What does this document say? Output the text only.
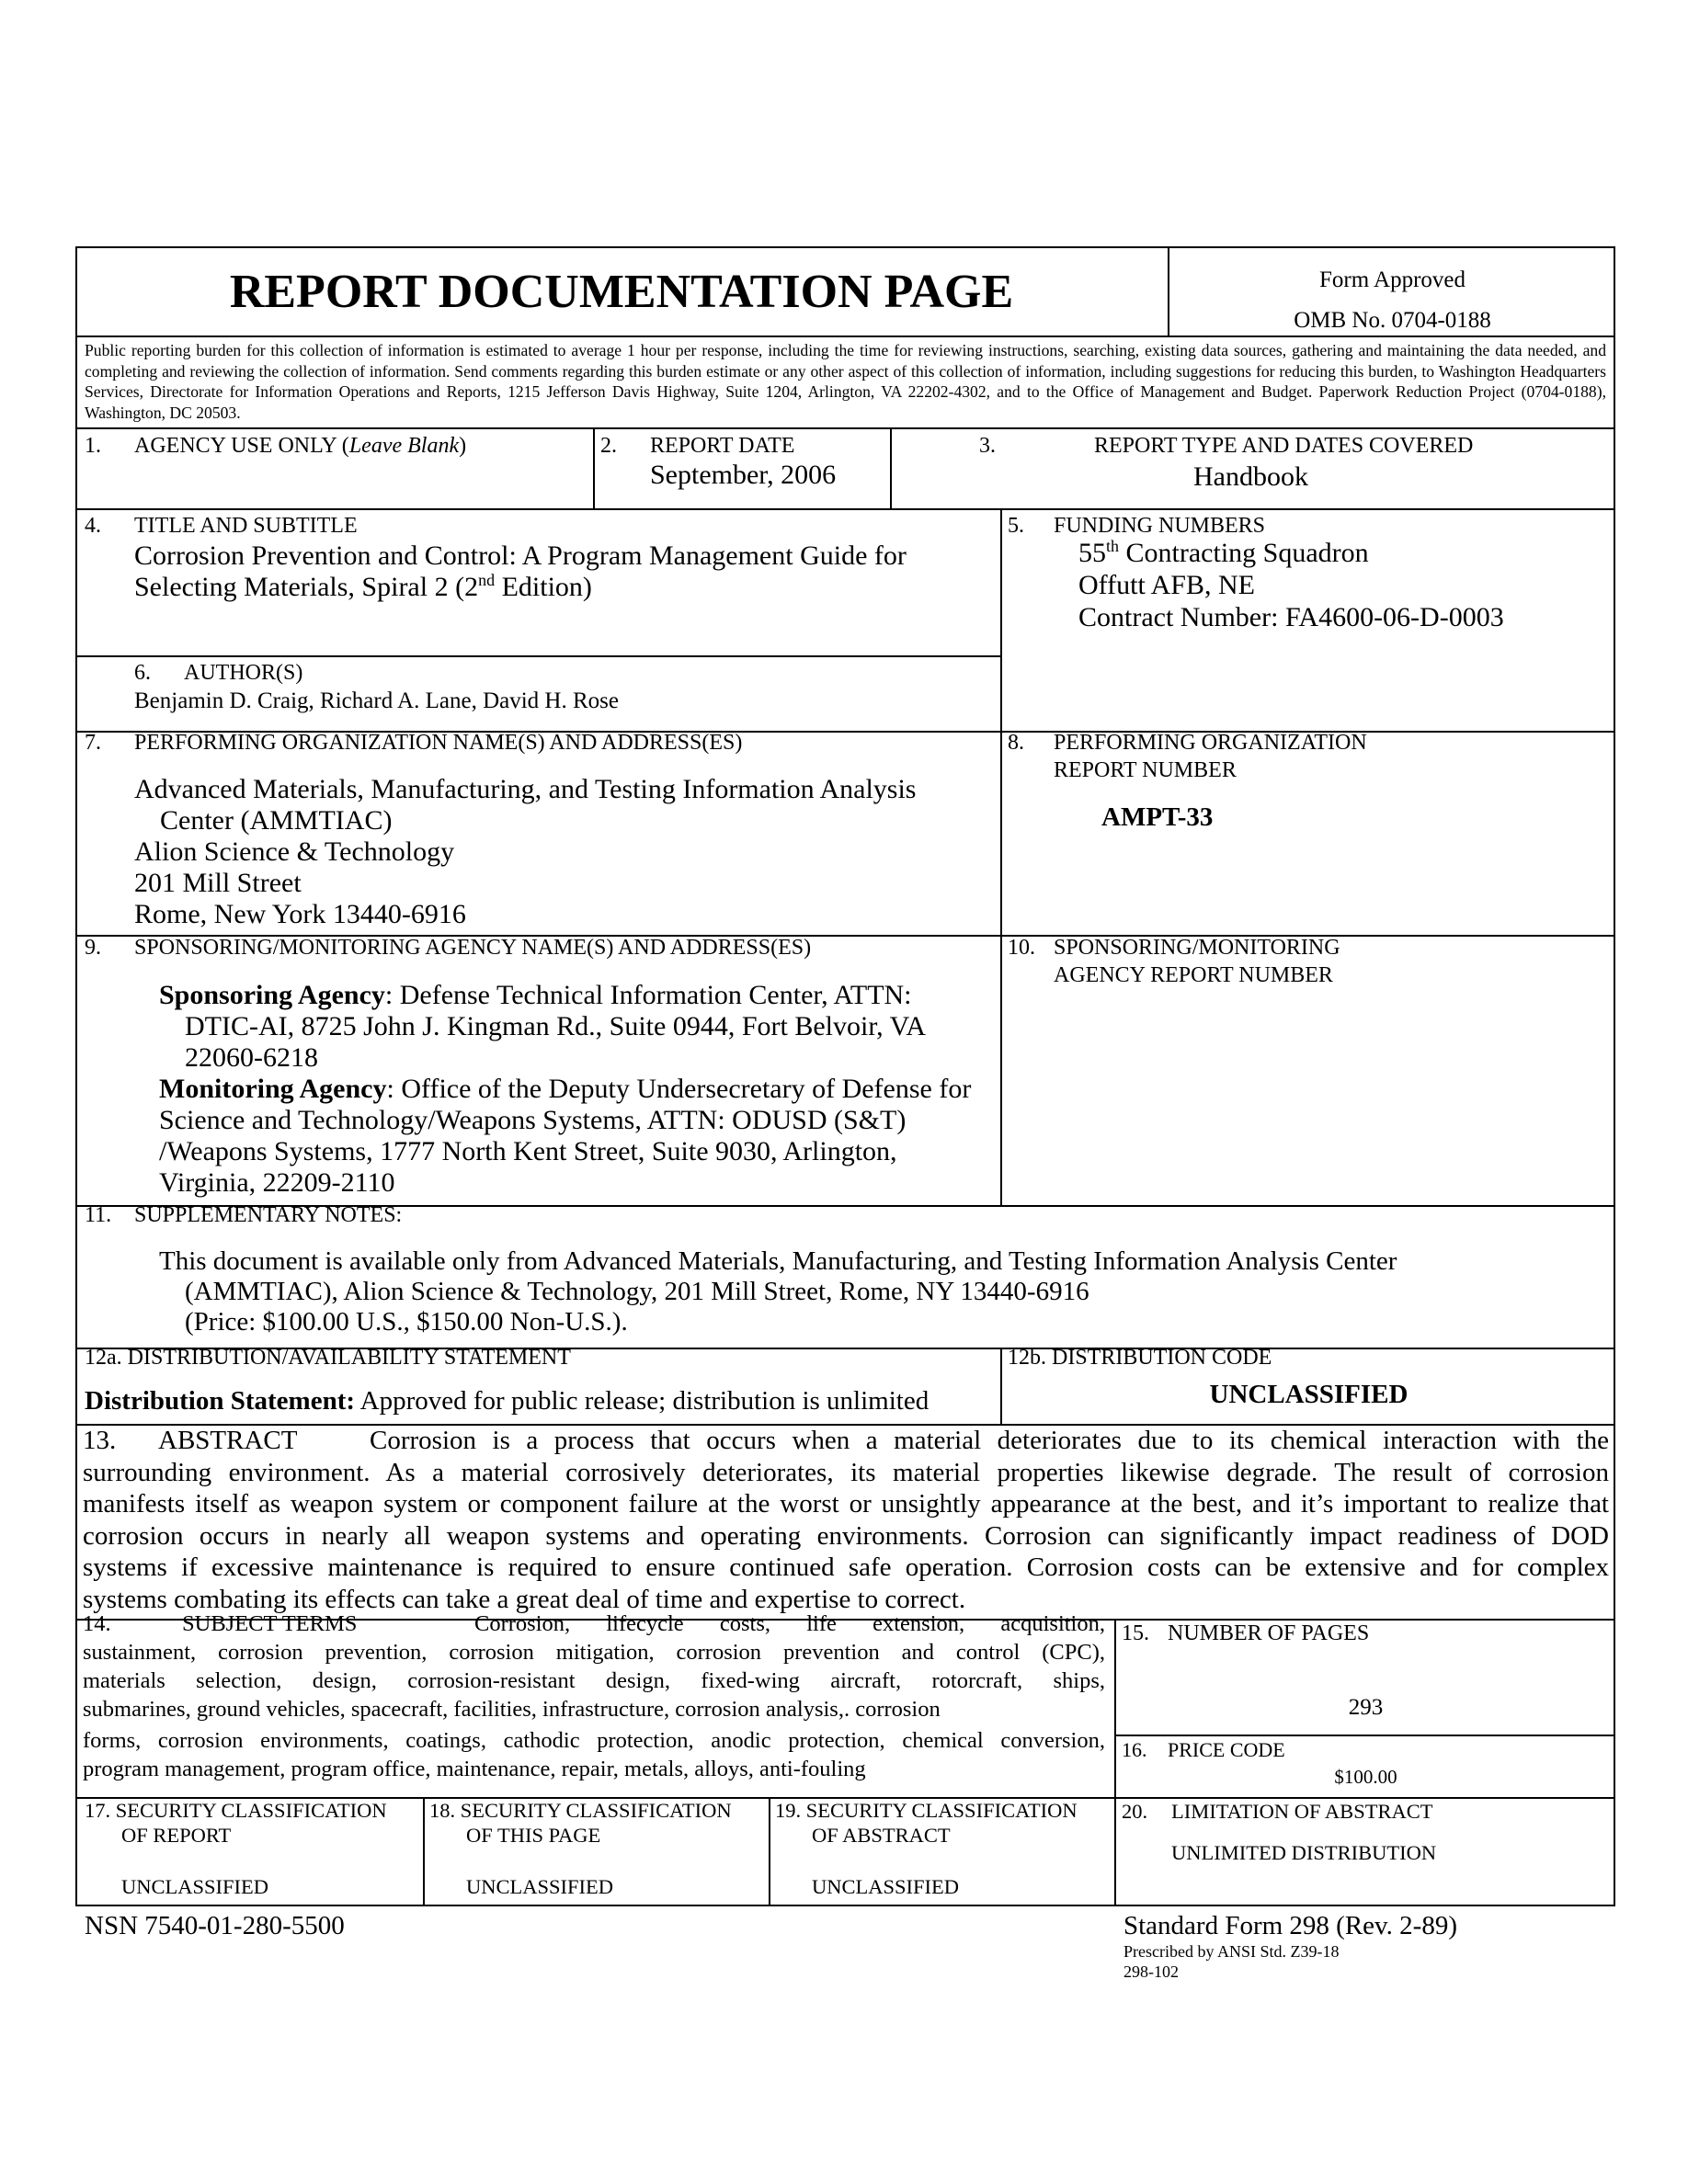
REPORT DOCUMENTATION PAGE	Form Approved
OMB No. 0704-0188
Public reporting burden for this collection of information is estimated to average 1 hour per response, including the time for reviewing instructions, searching, existing data sources, gathering and maintaining the data needed, and completing and reviewing the collection of information. Send comments regarding this burden estimate or any other aspect of this collection of information, including suggestions for reducing this burden, to Washington Headquarters Services, Directorate for Information Operations and Reports, 1215 Jefferson Davis Highway, Suite 1204, Arlington, VA 22202-4302, and to the Office of Management and Budget. Paperwork Reduction Project (0704-0188), Washington, DC 20503.
1. AGENCY USE ONLY (Leave Blank)	2. REPORT DATE
September, 2006
3.	REPORT TYPE AND DATES COVERED
Handbook
4. TITLE AND SUBTITLE
Corrosion Prevention and Control: A Program Management Guide for
Selecting Materials, Spiral 2 (2nd Edition)
5. FUNDING NUMBERS
55th Contracting Squadron
Offutt AFB, NE
Contract Number: FA4600-06-D-0003
6. AUTHOR(S)
Benjamin D. Craig, Richard A. Lane, David H. Rose
7. PERFORMING ORGANIZATION NAME(S) AND ADDRESS(ES)
Advanced Materials, Manufacturing, and Testing Information Analysis
Center (AMMTIAC)
Alion Science & Technology
201 Mill Street
Rome, New York 13440-6916
8. PERFORMING ORGANIZATION
REPORT NUMBER
AMPT-33
9. SPONSORING/MONITORING AGENCY NAME(S) AND ADDRESS(ES)
Sponsoring Agency: Defense Technical Information Center, ATTN:
DTIC-AI, 8725 John J. Kingman Rd., Suite 0944, Fort Belvoir, VA
22060-6218
Monitoring Agency: Office of the Deputy Undersecretary of Defense for
Science and Technology/Weapons Systems, ATTN: ODUSD (S&T)
/Weapons Systems, 1777 North Kent Street, Suite 9030, Arlington,
Virginia, 22209-2110
10. SPONSORING/MONITORING
AGENCY REPORT NUMBER
11. SUPPLEMENTARY NOTES:
This document is available only from Advanced Materials, Manufacturing, and Testing Information Analysis Center
(AMMTIAC), Alion Science & Technology, 201 Mill Street, Rome, NY 13440-6916
(Price: $100.00 U.S., $150.00 Non-U.S.).
12a. DISTRIBUTION/AVAILABILITY STATEMENT
Distribution Statement: Approved for public release; distribution is unlimited
12b. DISTRIBUTION CODE
UNCLASSIFIED
13.	ABSTRACT	Corrosion is a process that occurs when a material deteriorates due to its chemical interaction with the
surrounding environment. As a material corrosively deteriorates, its material properties likewise degrade. The result of corrosion
manifests itself as weapon system or component failure at the worst or unsightly appearance at the best, and it’s important to realize that
corrosion occurs in nearly all weapon systems and operating environments. Corrosion can significantly impact readiness of DOD
systems if excessive maintenance is required to ensure continued safe operation. Corrosion costs can be extensive and for complex
systems combating its effects can take a great deal of time and expertise to correct.
14.	SUBJECT TERMS	Corrosion, lifecycle costs, life extension, acquisition,
sustainment, corrosion prevention, corrosion mitigation, corrosion prevention and control (CPC),
materials selection, design, corrosion-resistant design, fixed-wing aircraft, rotorcraft, ships,
submarines, ground vehicles, spacecraft, facilities, infrastructure, corrosion analysis,. corrosion
forms, corrosion environments, coatings, cathodic protection, anodic protection, chemical conversion,
program management, program office, maintenance, repair, metals, alloys, anti-fouling
15. NUMBER OF PAGES
293
16. PRICE CODE
$100.00
17. SECURITY CLASSIFICATION
OF REPORT
UNCLASSIFIED
18. SECURITY CLASSIFICATION
OF THIS PAGE
UNCLASSIFIED
19. SECURITY CLASSIFICATION
OF ABSTRACT
UNCLASSIFIED
20. LIMITATION OF ABSTRACT
UNLIMITED DISTRIBUTION
NSN 7540-01-280-5500	Standard Form 298 (Rev. 2-89)
Prescribed by ANSI Std. Z39-18
298-102
